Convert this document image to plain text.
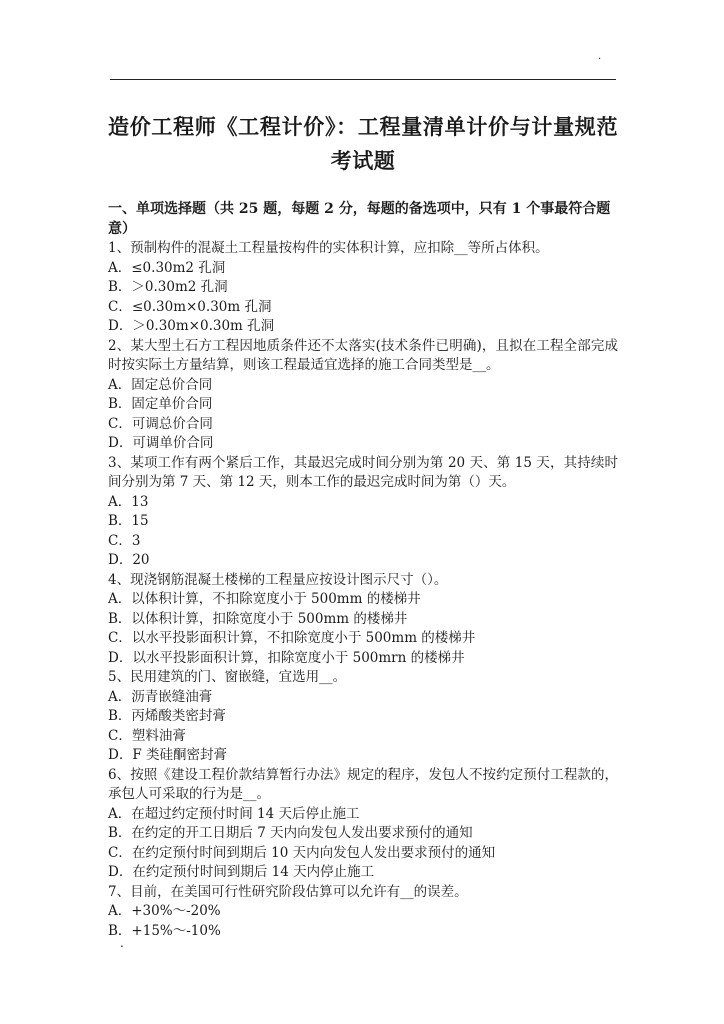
.
造价工程师《工程计价》：工程量清单计价与计量规范考试题

一、单项选择题（共 25 题，每题 2 分，每题的备选项中，只有 1 个事最符合题意）

1、预制构件的混凝土工程量按构件的实体积计算，应扣除__等所占体积。

A．≤0.30m2 孔洞

B．＞0.30m2 孔洞

C．≤0.30m×0.30m 孔洞

D．＞0.30m×0.30m 孔洞

2、某大型土石方工程因地质条件还不太落实(技术条件已明确)，且拟在工程全部完成时按实际土方量结算，则该工程最适宜选择的施工合同类型是__。

A．固定总价合同

B．固定单价合同

C．可调总价合同

D．可调单价合同

3、某项工作有两个紧后工作，其最迟完成时间分别为第 20 天、第 15 天，其持续时间分别为第 7 天、第 12 天，则本工作的最迟完成时间为第（）天。

A．13

B．15

C．3

D．20

4、现浇钢筋混凝土楼梯的工程量应按设计图示尺寸（）。

A．以体积计算，不扣除宽度小于 500mm 的楼梯井

B．以体积计算，扣除宽度小于 500mm 的楼梯井

C．以水平投影面积计算，不扣除宽度小于 500mm 的楼梯井

D．以水平投影面积计算，扣除宽度小于 500mrn 的楼梯井

5、民用建筑的门、窗嵌缝，宜选用__。

A．沥青嵌缝油膏

B．丙烯酸类密封膏

C．塑料油膏

D．F 类硅酮密封膏

6、按照《建设工程价款结算暂行办法》规定的程序，发包人不按约定预付工程款的，承包人可采取的行为是__。

A．在超过约定预付时间 14 天后停止施工

B．在约定的开工日期后 7 天内向发包人发出要求预付的通知

C．在约定预付时间到期后 10 天内向发包人发出要求预付的通知

D．在约定预付时间到期后 14 天内停止施工

7、目前，在美国可行性研究阶段估算可以允许有__的误差。

A．+30%～-20%

B．+15%～-10%

.
